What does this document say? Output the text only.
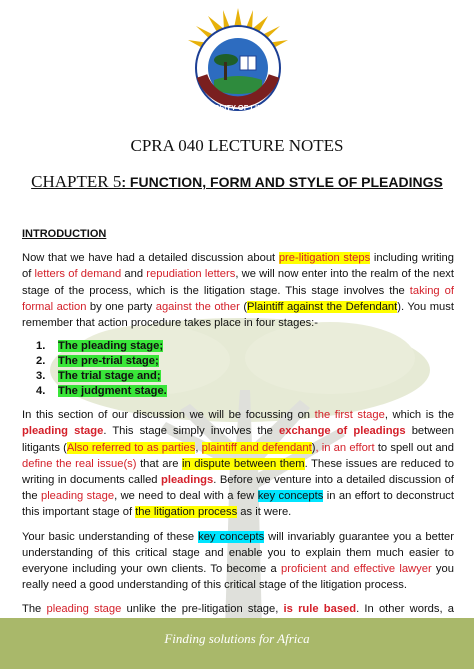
UNIVERSITY OF LIMPOPO
CPRA 040 LECTURE NOTES
CHAPTER 5: FUNCTION, FORM AND STYLE OF PLEADINGS
INTRODUCTION

Now that we have had a detailed discussion about pre-litigation steps including writing of letters of demand and repudiation letters, we will now enter into the realm of the next stage of the process, which is the litigation stage. This stage involves the taking of formal action by one party against the other (Plaintiff against the Defendant). You must remember that action procedure takes place in four stages:-

1. The pleading stage;
2. The pre-trial stage;
3. The trial stage and;
4. The judgment stage.

In this section of our discussion we will be focussing on the first stage, which is the pleading stage. This stage simply involves the exchange of pleadings between litigants (Also referred to as parties, plaintiff and defendant), in an effort to spell out and define the real issue(s) that are in dispute between them. These issues are reduced to writing in documents called pleadings. Before we venture into a detailed discussion of the pleading stage, we need to deal with a few key concepts in an effort to deconstruct this important stage of the litigation process as it were.

Your basic understanding of these key concepts will invariably guarantee you a better understanding of this critical stage and enable you to explain them much easier to everyone including your own clients. To become a proficient and effective lawyer you really need a good understanding of this critical stage of the litigation process.

The pleading stage unlike the pre-litigation stage, is rule based. In other words, a

Finding solutions for Africa
